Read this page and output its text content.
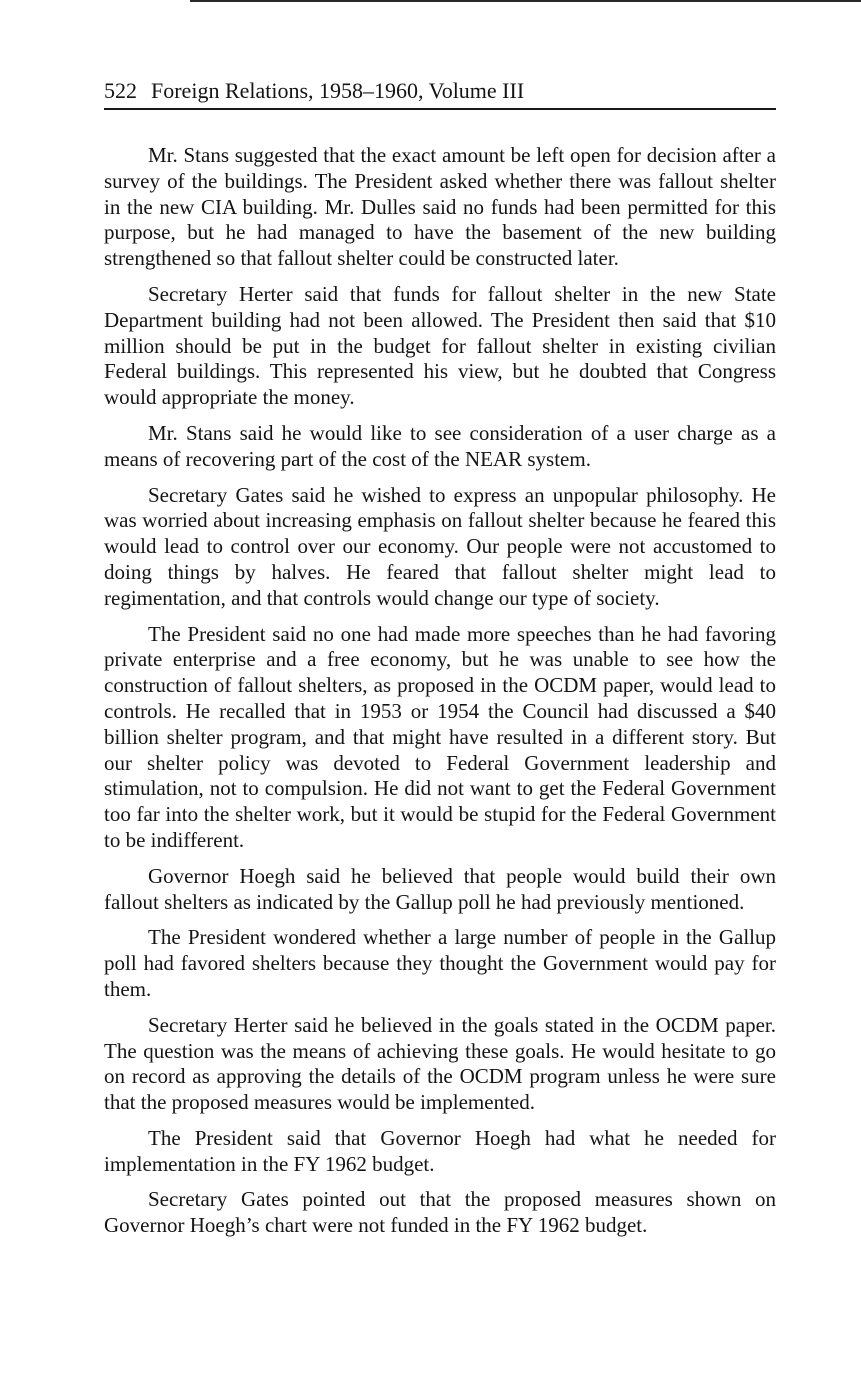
522 Foreign Relations, 1958–1960, Volume III

Mr. Stans suggested that the exact amount be left open for decision after a survey of the buildings. The President asked whether there was fallout shelter in the new CIA building. Mr. Dulles said no funds had been permitted for this purpose, but he had managed to have the basement of the new building strengthened so that fallout shelter could be constructed later.

Secretary Herter said that funds for fallout shelter in the new State Department building had not been allowed. The President then said that $10 million should be put in the budget for fallout shelter in existing civilian Federal buildings. This represented his view, but he doubted that Congress would appropriate the money.

Mr. Stans said he would like to see consideration of a user charge as a means of recovering part of the cost of the NEAR system.

Secretary Gates said he wished to express an unpopular philosophy. He was worried about increasing emphasis on fallout shelter because he feared this would lead to control over our economy. Our people were not accustomed to doing things by halves. He feared that fallout shelter might lead to regimentation, and that controls would change our type of society.

The President said no one had made more speeches than he had favoring private enterprise and a free economy, but he was unable to see how the construction of fallout shelters, as proposed in the OCDM paper, would lead to controls. He recalled that in 1953 or 1954 the Council had discussed a $40 billion shelter program, and that might have resulted in a different story. But our shelter policy was devoted to Federal Government leadership and stimulation, not to compulsion. He did not want to get the Federal Government too far into the shelter work, but it would be stupid for the Federal Government to be indifferent.

Governor Hoegh said he believed that people would build their own fallout shelters as indicated by the Gallup poll he had previously mentioned.

The President wondered whether a large number of people in the Gallup poll had favored shelters because they thought the Government would pay for them.

Secretary Herter said he believed in the goals stated in the OCDM paper. The question was the means of achieving these goals. He would hesitate to go on record as approving the details of the OCDM program unless he were sure that the proposed measures would be implemented.

The President said that Governor Hoegh had what he needed for implementation in the FY 1962 budget.

Secretary Gates pointed out that the proposed measures shown on Governor Hoegh’s chart were not funded in the FY 1962 budget.
